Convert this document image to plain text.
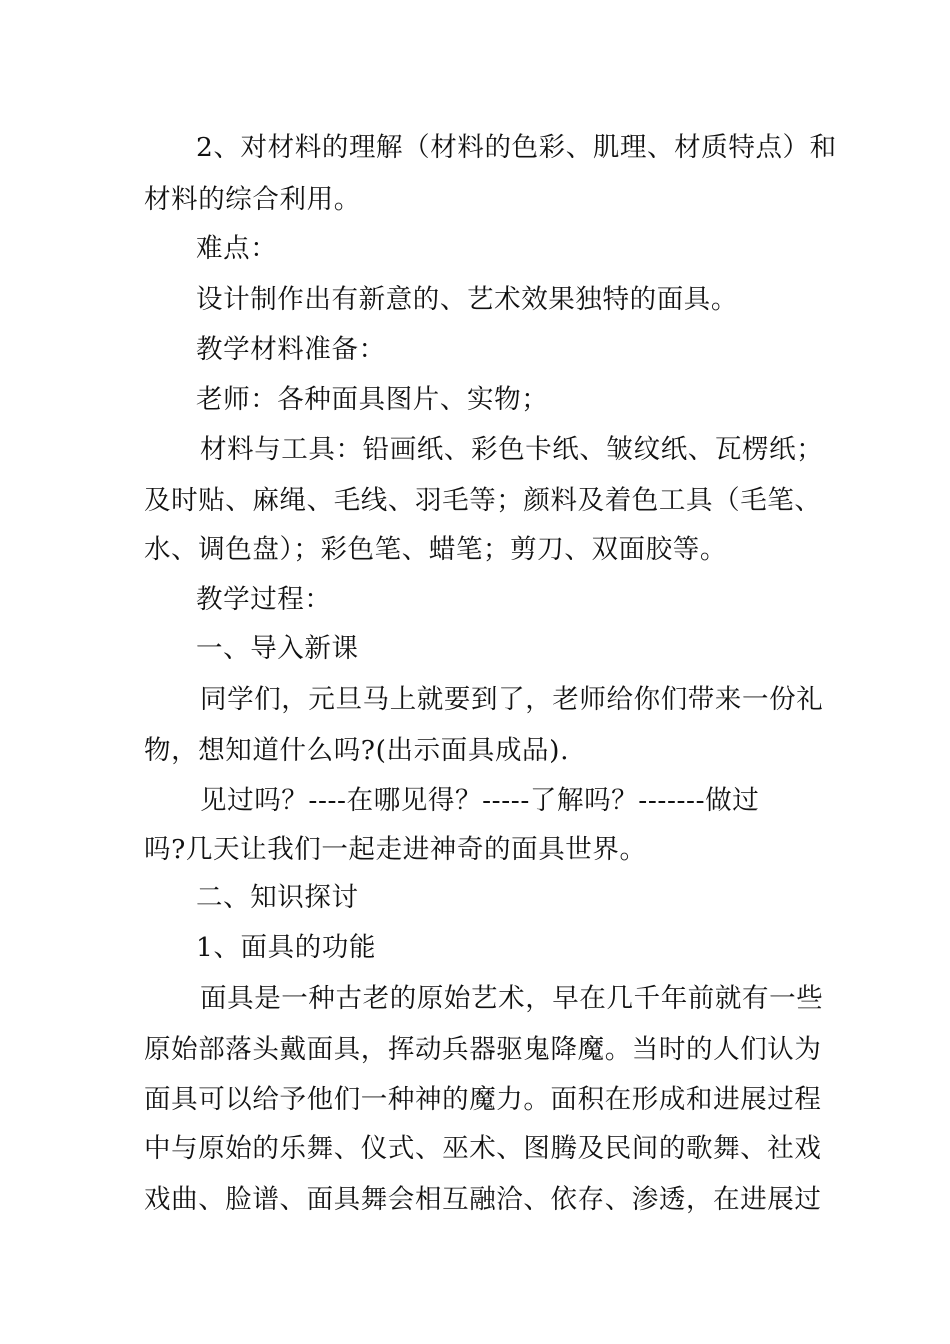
2、对材料的理解（材料的色彩、肌理、材质特点）和
材料的综合利用。
难点：
设计制作出有新意的、艺术效果独特的面具。
教学材料准备：
老师：各种面具图片、实物；
材料与工具：铅画纸、彩色卡纸、皱纹纸、瓦楞纸；
及时贴、麻绳、毛线、羽毛等；颜料及着色工具（毛笔、
水、调色盘）；彩色笔、蜡笔；剪刀、双面胶等。
教学过程：
一、导入新课
同学们，元旦马上就要到了，老师给你们带来一份礼
物，想知道什么吗?(出示面具成品).
见过吗？----在哪见得？-----了解吗？-------做过
吗?几天让我们一起走进神奇的面具世界。
二、知识探讨
1、面具的功能
面具是一种古老的原始艺术，早在几千年前就有一些
原始部落头戴面具，挥动兵器驱鬼降魔。当时的人们认为
面具可以给予他们一种神的魔力。面积在形成和进展过程
中与原始的乐舞、仪式、巫术、图腾及民间的歌舞、社戏
戏曲、脸谱、面具舞会相互融洽、依存、渗透，在进展过
